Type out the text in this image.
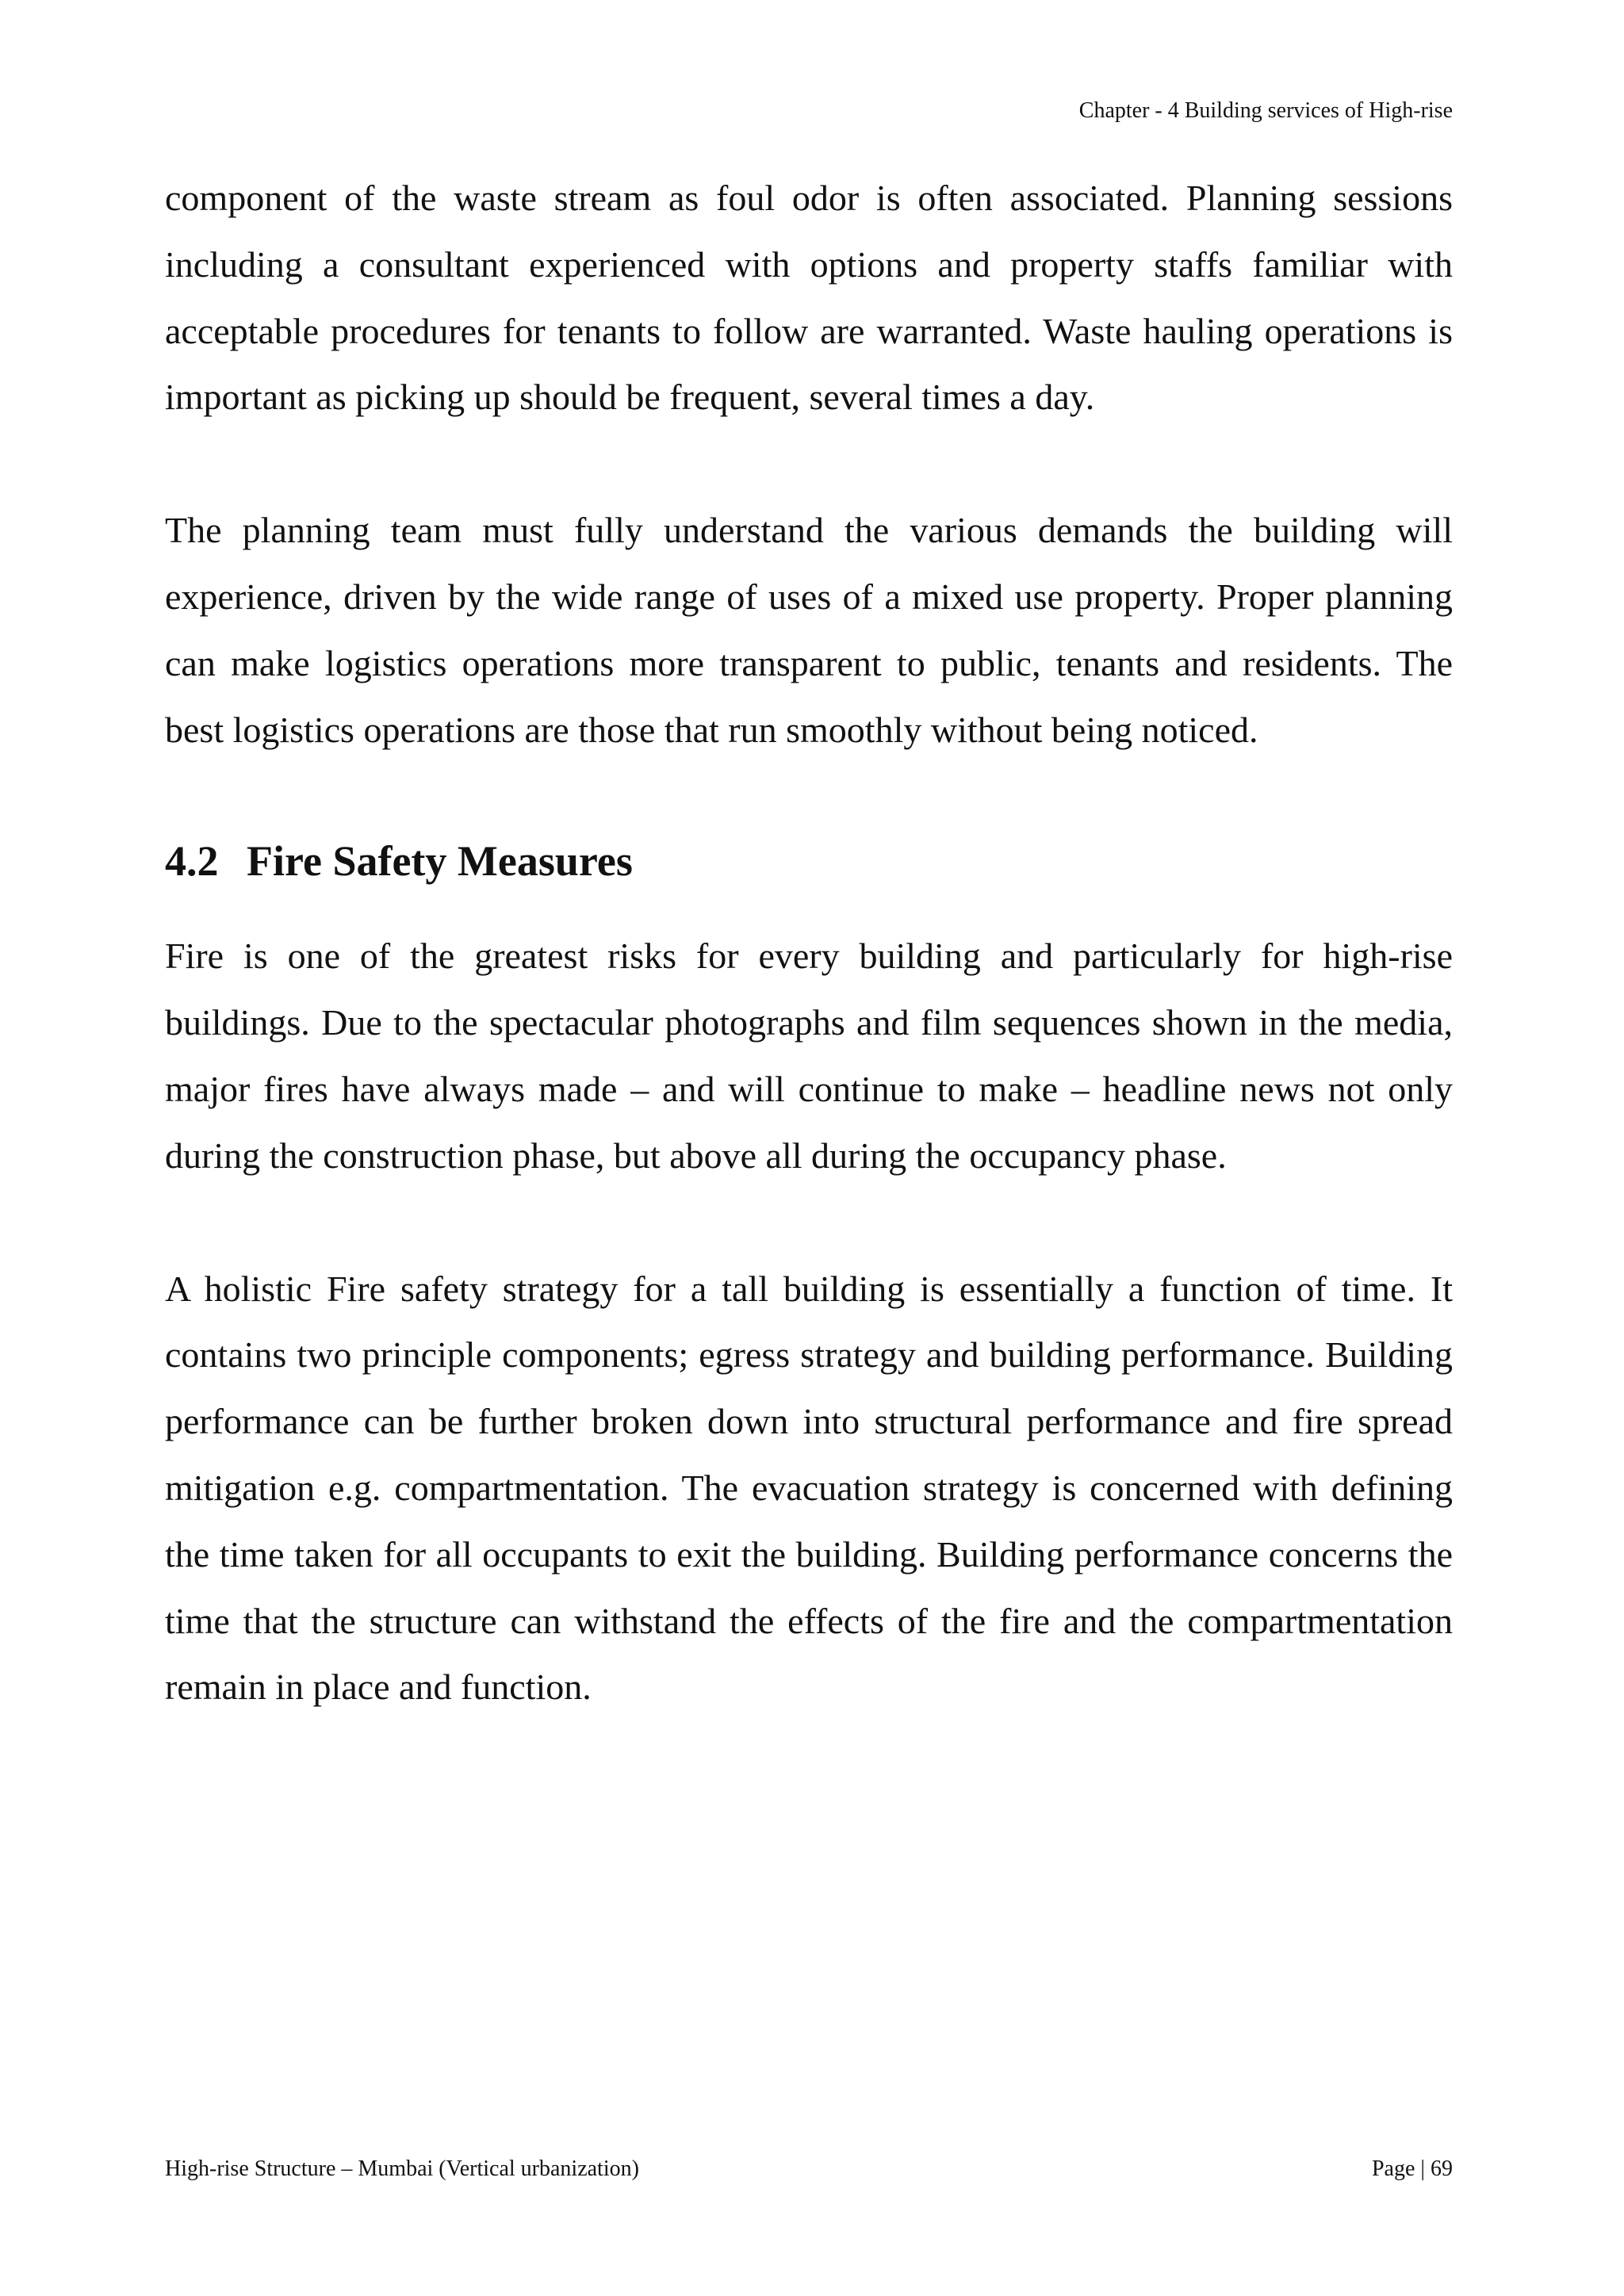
Chapter - 4 Building services of High-rise

component of the waste stream as foul odor is often associated. Planning sessions including a consultant experienced with options and property staffs familiar with acceptable procedures for tenants to follow are warranted. Waste hauling operations is important as picking up should be frequent, several times a day.

The planning team must fully understand the various demands the building will experience, driven by the wide range of uses of a mixed use property. Proper planning can make logistics operations more transparent to public, tenants and residents. The best logistics operations are those that run smoothly without being noticed.

4.2 Fire Safety Measures

Fire is one of the greatest risks for every building and particularly for high-rise buildings. Due to the spectacular photographs and film sequences shown in the media, major fires have always made – and will continue to make – headline news not only during the construction phase, but above all during the occupancy phase.

A holistic Fire safety strategy for a tall building is essentially a function of time. It contains two principle components; egress strategy and building performance. Building performance can be further broken down into structural performance and fire spread mitigation e.g. compartmentation. The evacuation strategy is concerned with defining the time taken for all occupants to exit the building. Building performance concerns the time that the structure can withstand the effects of the fire and the compartmentation remain in place and function.

High-rise Structure – Mumbai (Vertical urbanization)	Page | 69
